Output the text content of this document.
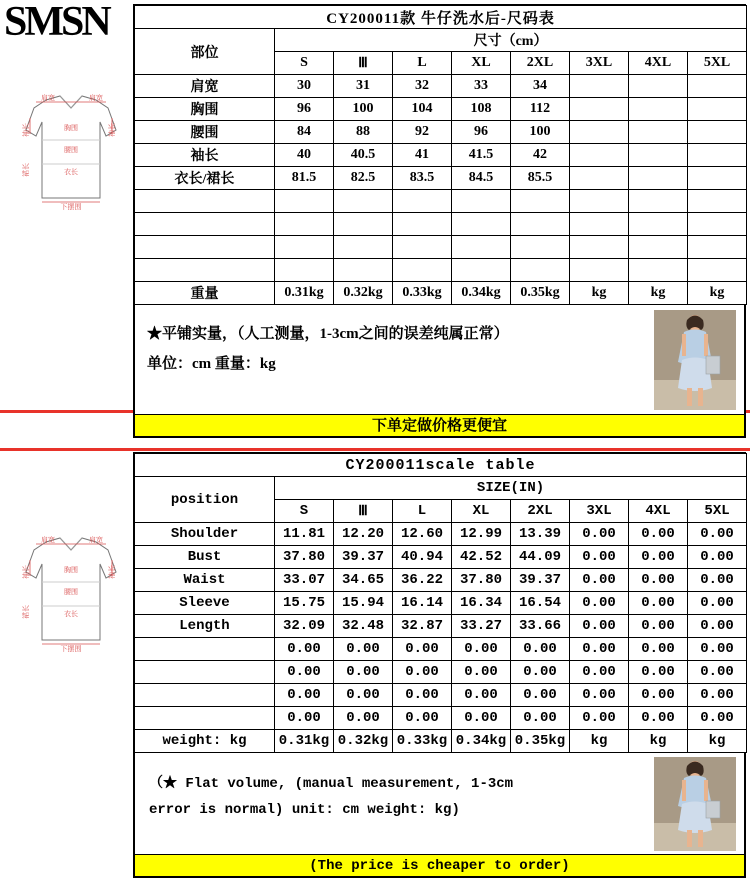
SMSN
肩宽	肩宽
胸围
袖长	袖长
腰围
衣长
裙长
下摆围
CY200011款 牛仔洗水后-尺码表								
部位	尺寸（cm）							
	S	Ⅲ	L	XL	2XL	3XL	4XL	5XL
肩宽	30	31	32	33	34			
胸围	96	100	104	108	112			
腰围	84	88	92	96	100			
袖长	40	40.5	41	41.5	42			
衣长/裙长	81.5	82.5	83.5	84.5	85.5			

重量	0.31kg	0.32kg	0.33kg	0.34kg	0.35kg	kg	kg	kg
★平铺实量，（人工测量，1-3cm之间的误差纯属正常）
单位：cm 重量：kg
下单定做价格更便宜
肩宽	肩宽
胸围
袖长	袖长
腰围
衣长
裙长
下摆围
CY200011scale table								
position	SIZE(IN)							
	S	Ⅲ	L	XL	2XL	3XL	4XL	5XL
Shoulder	11.81	12.20	12.60	12.99	13.39	0.00	0.00	0.00
Bust	37.80	39.37	40.94	42.52	44.09	0.00	0.00	0.00
Waist	33.07	34.65	36.22	37.80	39.37	0.00	0.00	0.00
Sleeve	15.75	15.94	16.14	16.34	16.54	0.00	0.00	0.00
Length	32.09	32.48	32.87	33.27	33.66	0.00	0.00	0.00
	0.00	0.00	0.00	0.00	0.00	0.00	0.00	0.00
	0.00	0.00	0.00	0.00	0.00	0.00	0.00	0.00
	0.00	0.00	0.00	0.00	0.00	0.00	0.00	0.00
	0.00	0.00	0.00	0.00	0.00	0.00	0.00	0.00
weight: kg	0.31kg	0.32kg	0.33kg	0.34kg	0.35kg	kg	kg	kg
（★ Flat volume, (manual measurement, 1-3cm
error is normal) unit: cm weight: kg)
(The price is cheaper to order)
